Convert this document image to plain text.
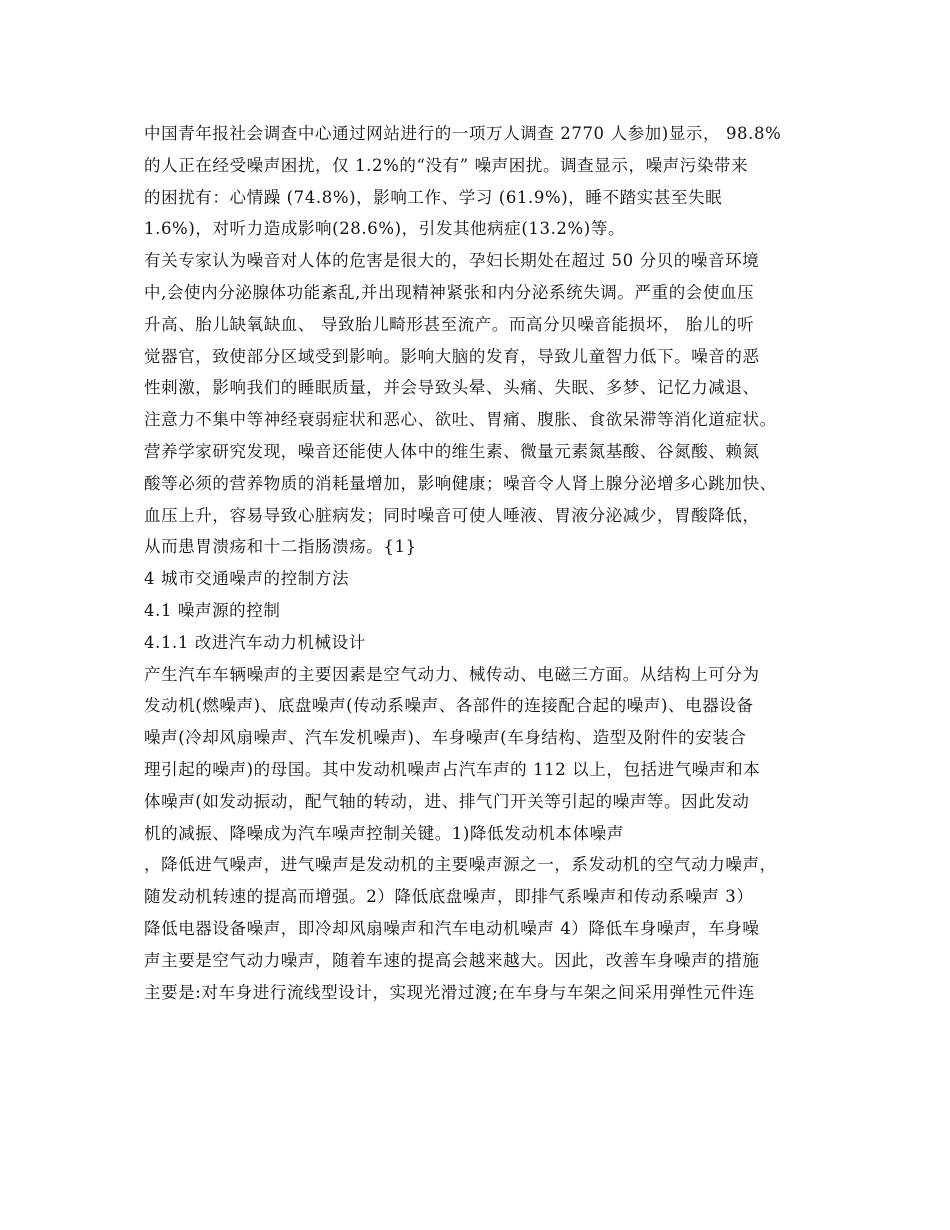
中国青年报社会调查中心通过网站进行的一项万人调查 2770 人参加)显示， 98.8%
的人正在经受噪声困扰，仅 1.2%的“没有” 噪声困扰。调查显示，噪声污染带来
的困扰有：心情躁 (74.8%)，影响工作、学习 (61.9%)，睡不踏实甚至失眠
1.6%)，对听力造成影响(28.6%)，引发其他病症(13.2%)等。
有关专家认为噪音对人体的危害是很大的，孕妇长期处在超过 50 分贝的噪音环境
中,会使内分泌腺体功能紊乱,并出现精神紧张和内分泌系统失调。严重的会使血压
升高、胎儿缺氧缺血、 导致胎儿畸形甚至流产。而高分贝噪音能损坏， 胎儿的听
觉器官，致使部分区域受到影响。影响大脑的发育，导致儿童智力低下。噪音的恶
性刺激，影响我们的睡眠质量，并会导致头晕、头痛、失眠、多梦、记忆力减退、
注意力不集中等神经衰弱症状和恶心、欲吐、胃痛、腹胀、食欲呆滞等消化道症状。
营养学家研究发现，噪音还能使人体中的维生素、微量元素氮基酸、谷氮酸、赖氮
酸等必须的营养物质的消耗量增加，影响健康；噪音令人肾上腺分泌增多心跳加快、
血压上升，容易导致心脏病发；同时噪音可使人唾液、胃液分泌减少，胃酸降低，
从而患胃溃疡和十二指肠溃疡。{1}
4 城市交通噪声的控制方法
4.1 噪声源的控制
4.1.1 改进汽车动力机械设计
产生汽车车辆噪声的主要因素是空气动力、械传动、电磁三方面。从结构上可分为
发动机(燃噪声)、底盘噪声(传动系噪声、各部件的连接配合起的噪声)、电器设备
噪声(冷却风扇噪声、汽车发机噪声)、车身噪声(车身结构、造型及附件的安装合
理引起的噪声)的母国。其中发动机噪声占汽车声的 112 以上，包括进气噪声和本
体噪声(如发动振动，配气轴的转动，进、排气门开关等引起的噪声等。因此发动
机的减振、降噪成为汽车噪声控制关键。1)降低发动机本体噪声
，降低进气噪声，进气噪声是发动机的主要噪声源之一，系发动机的空气动力噪声，
随发动机转速的提高而增强。2）降低底盘噪声，即排气系噪声和传动系噪声 3）
降低电器设备噪声，即冷却风扇噪声和汽车电动机噪声 4）降低车身噪声，车身噪
声主要是空气动力噪声，随着车速的提高会越来越大。因此，改善车身噪声的措施
主要是:对车身进行流线型设计，实现光滑过渡;在车身与车架之间采用弹性元件连
